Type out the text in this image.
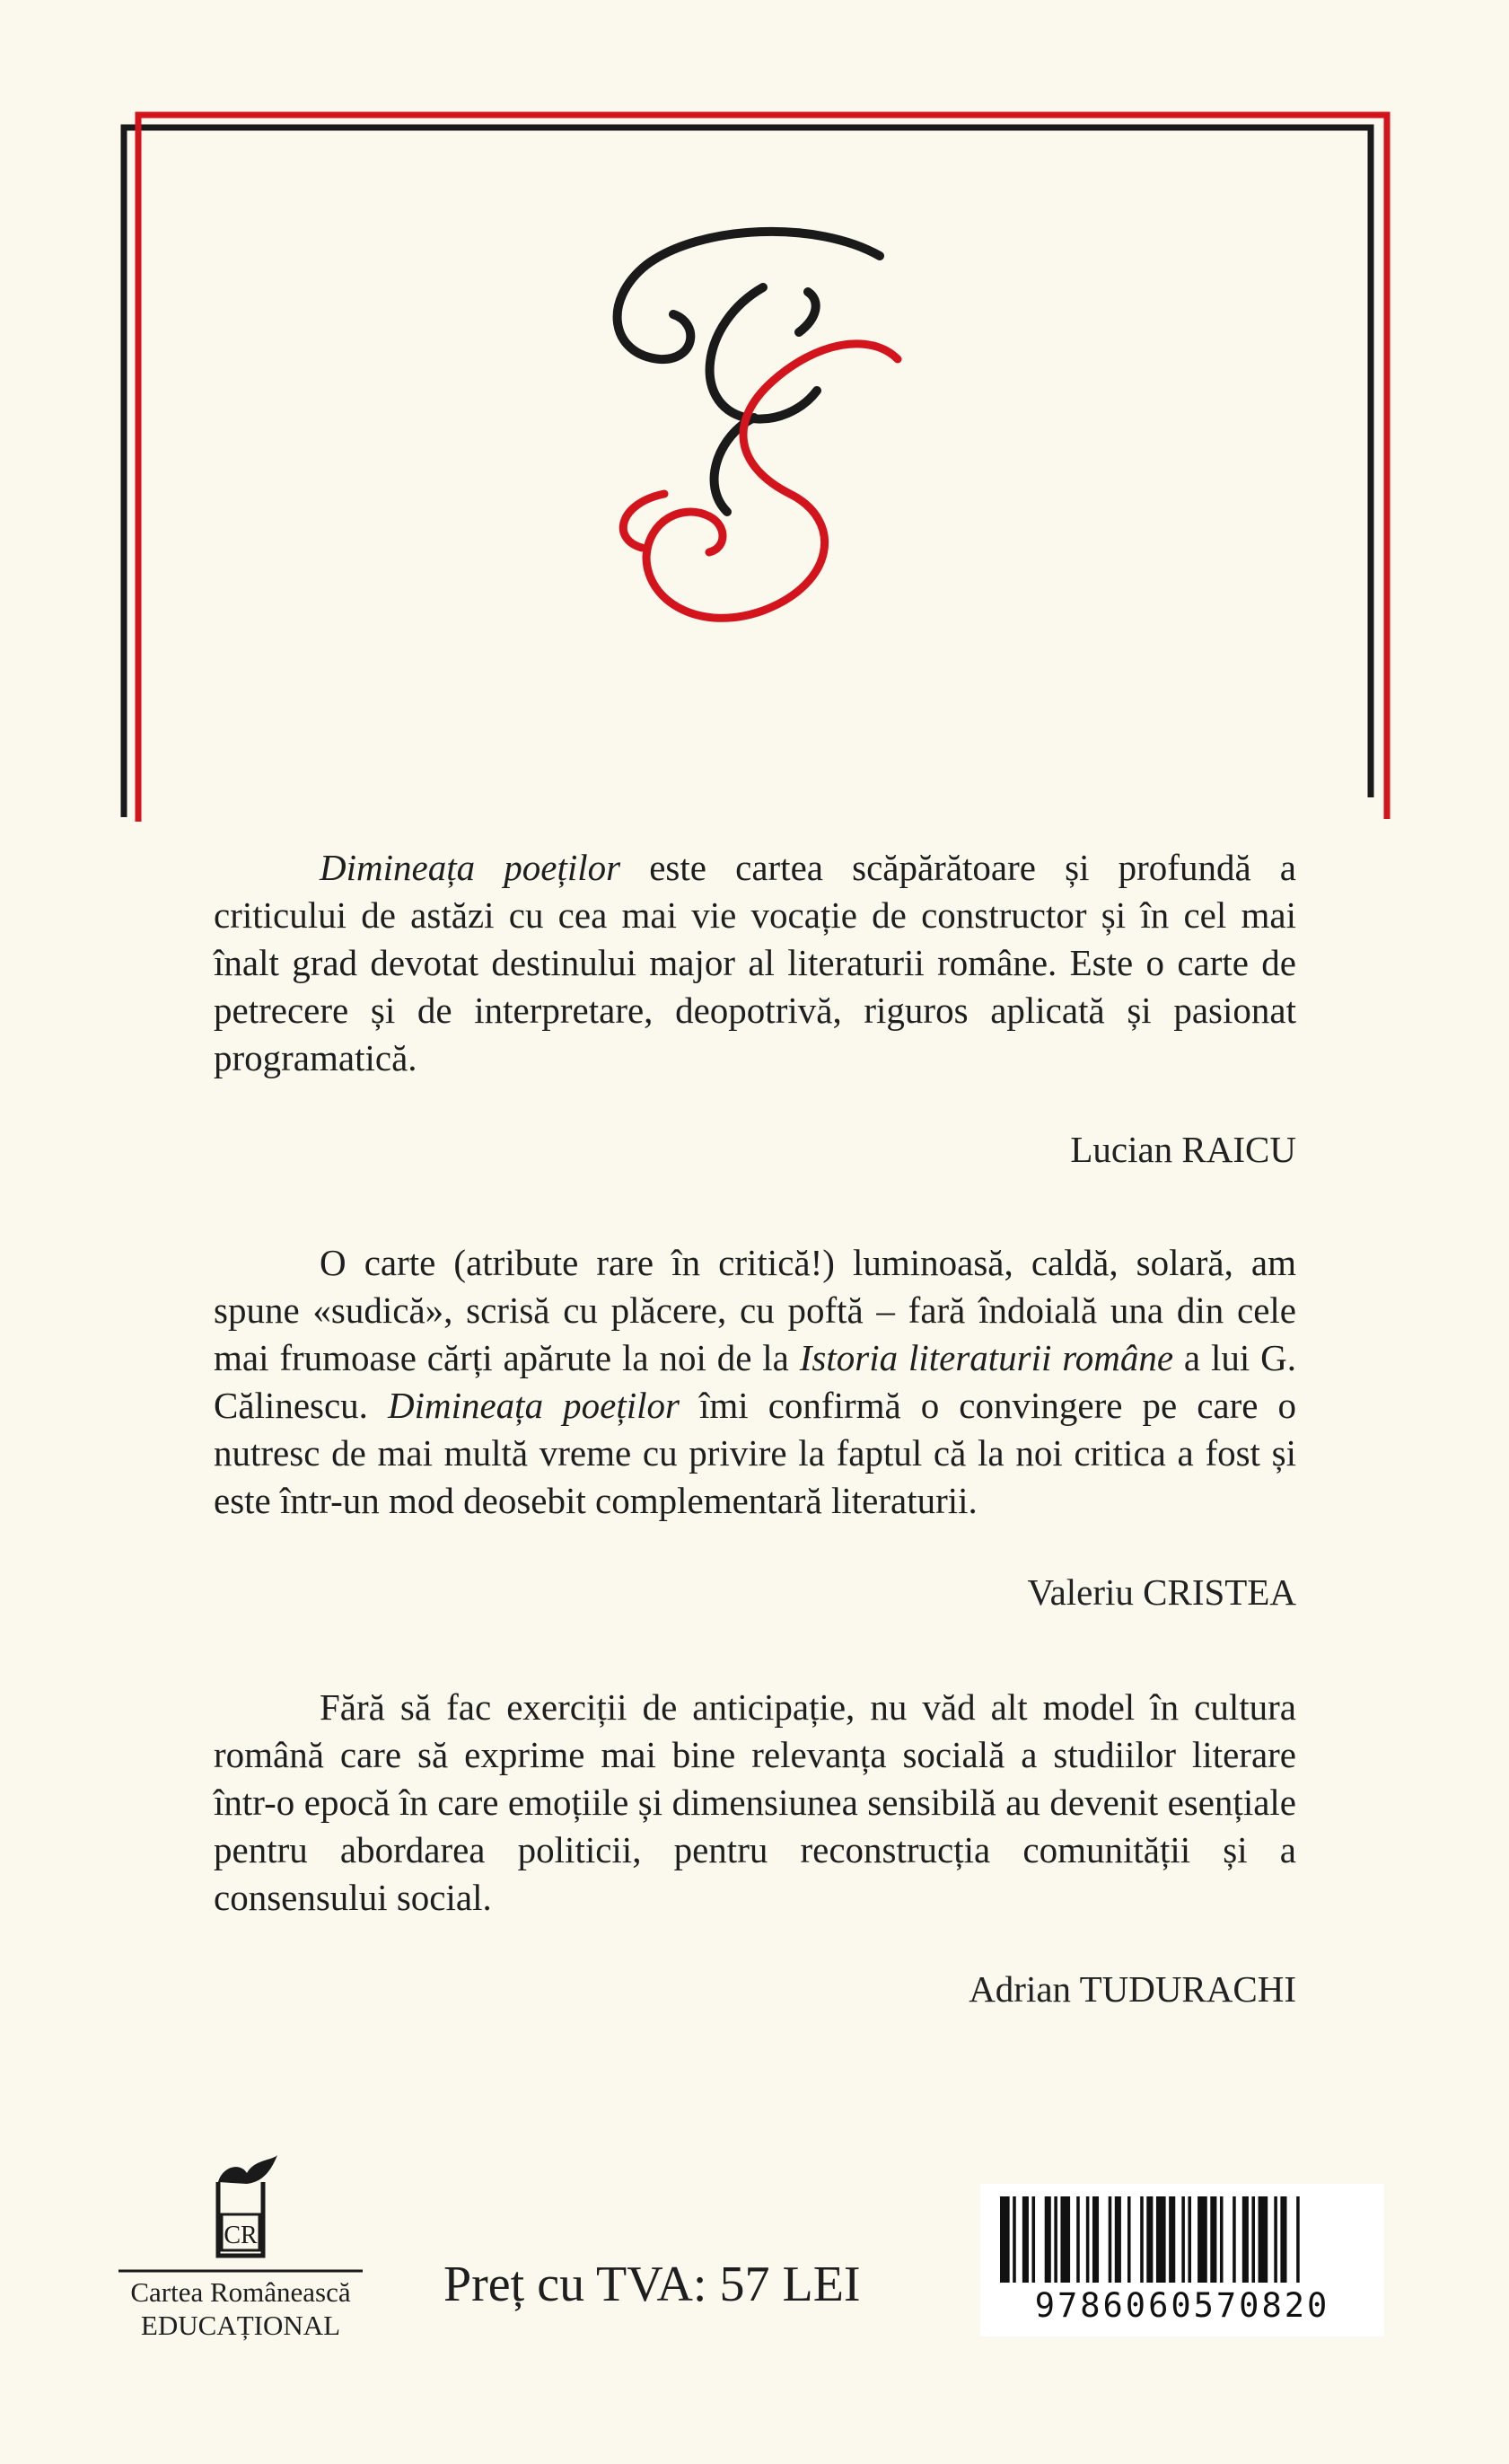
Dimineața poeților este cartea scăpărătoare și profundă a criticului de astăzi cu cea mai vie vocație de constructor și în cel mai înalt grad devotat destinului major al literaturii române. Este o carte de petrecere și de interpretare, deopotrivă, riguros aplicată și pasionat programatică.

Lucian RAICU

O carte (atribute rare în critică!) luminoasă, caldă, solară, am spune «sudică», scrisă cu plăcere, cu poftă – fară îndoială una din cele mai frumoase cărți apărute la noi de la Istoria literaturii române a lui G. Călinescu. Dimineața poeților îmi confirmă o convingere pe care o nutresc de mai multă vreme cu privire la faptul că la noi critica a fost și este într-un mod deosebit complementară literaturii.

Valeriu CRISTEA

Fără să fac exerciții de anticipație, nu văd alt model în cultura română care să exprime mai bine relevanța socială a studiilor literare într-o epocă în care emoțiile și dimensiunea sensibilă au devenit esențiale pentru abordarea politicii, pentru reconstrucția comunității și a consensului social.

Adrian TUDURACHI

CR
Cartea Românească
EDUCAȚIONAL
Preț cu TVA: 57 LEI	9786060570820
